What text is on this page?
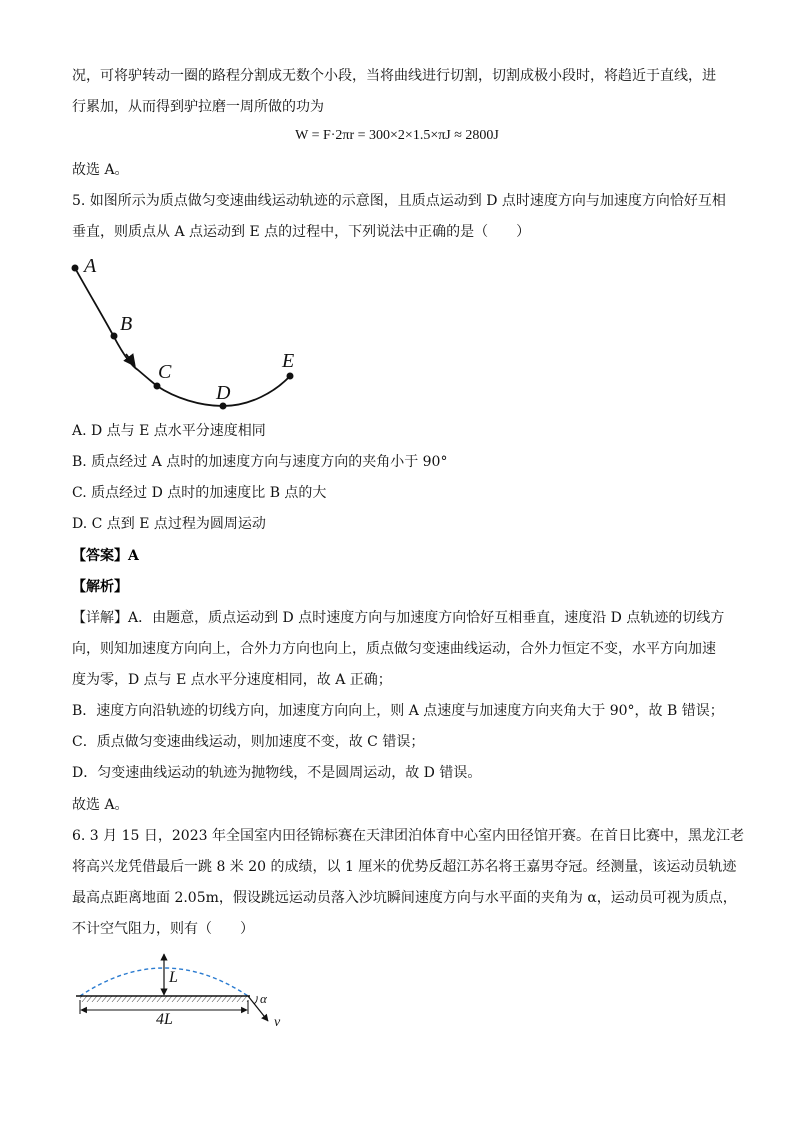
况，可将驴转动一圈的路程分割成无数个小段，当将曲线进行切割，切割成极小段时，将趋近于直线，进
行累加，从而得到驴拉磨一周所做的功为
W = F·2πr = 300×2×1.5×πJ ≈ 2800J
故选 A。
5. 如图所示为质点做匀变速曲线运动轨迹的示意图，且质点运动到 D 点时速度方向与加速度方向恰好互相
垂直，则质点从 A 点运动到 E 点的过程中，下列说法中正确的是（　　）
A
B
C
D
E
A. D 点与 E 点水平分速度相同
B. 质点经过 A 点时的加速度方向与速度方向的夹角小于 90°
C. 质点经过 D 点时的加速度比 B 点的大
D. C 点到 E 点过程为圆周运动
【答案】A
【解析】
【详解】A．由题意，质点运动到 D 点时速度方向与加速度方向恰好互相垂直，速度沿 D 点轨迹的切线方
向，则知加速度方向向上，合外力方向也向上，质点做匀变速曲线运动，合外力恒定不变，水平方向加速
度为零，D 点与 E 点水平分速度相同，故 A 正确；
B．速度方向沿轨迹的切线方向，加速度方向向上，则 A 点速度与加速度方向夹角大于 90°，故 B 错误；
C．质点做匀变速曲线运动，则加速度不变，故 C 错误；
D．匀变速曲线运动的轨迹为抛物线，不是圆周运动，故 D 错误。
故选 A。
6. 3 月 15 日，2023 年全国室内田径锦标赛在天津团泊体育中心室内田径馆开赛。在首日比赛中，黑龙江老
将高兴龙凭借最后一跳 8 米 20 的成绩，以 1 厘米的优势反超江苏名将王嘉男夺冠。经测量，该运动员轨迹
最高点距离地面 2.05m，假设跳远运动员落入沙坑瞬间速度方向与水平面的夹角为 α，运动员可视为质点，
不计空气阻力，则有（　　）
L
4L
α
v
